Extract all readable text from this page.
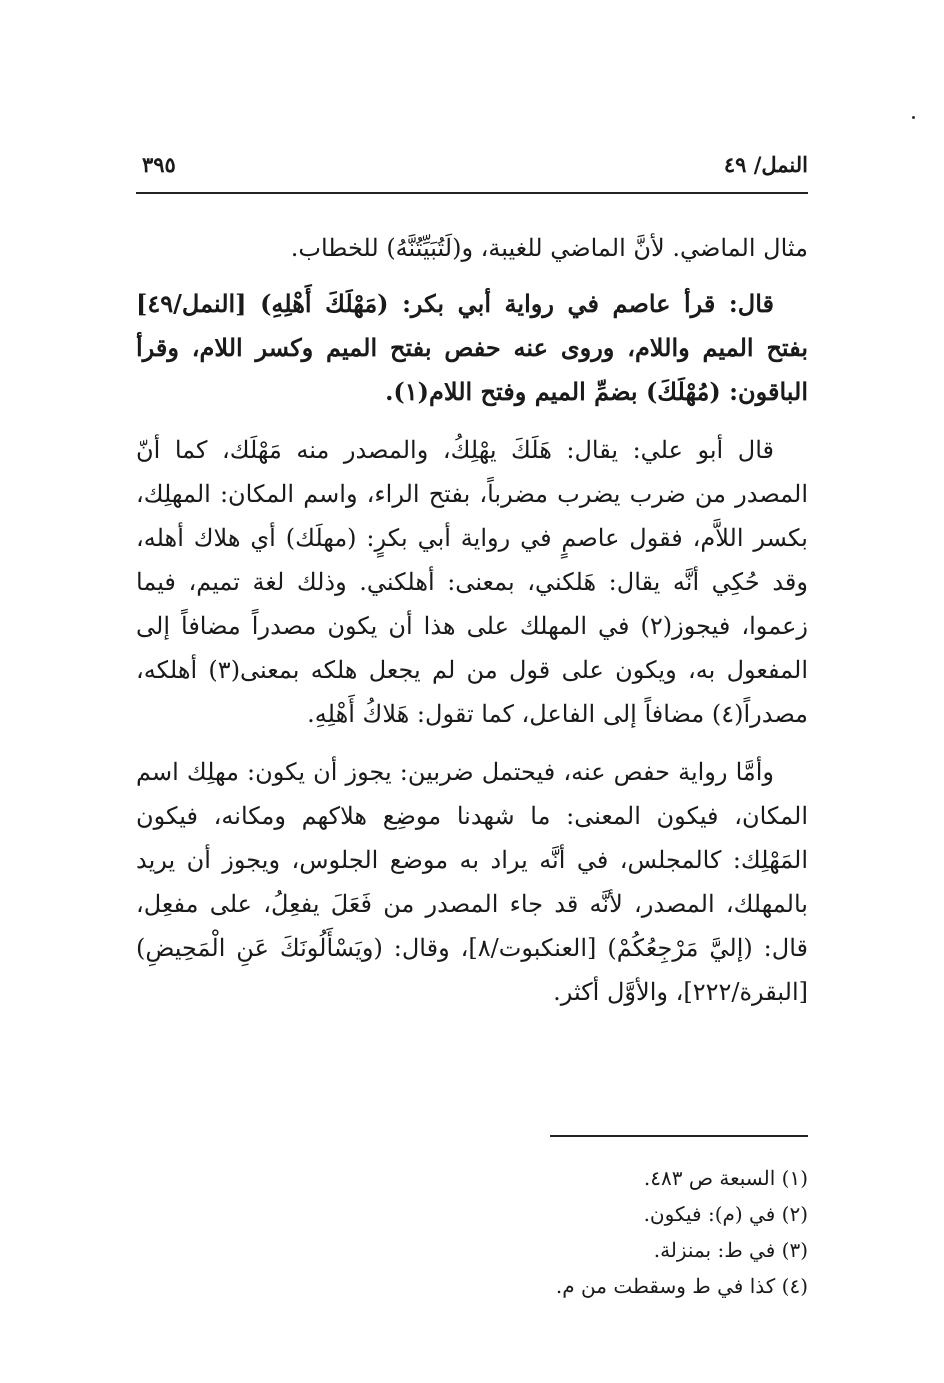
النمل/ ٤٩
٣٩٥

مثال الماضي. لأنَّ الماضي للغيبة، و(لَتُبَيِّتُنَّهُ) للخطاب.

قال: قرأ عاصم في رواية أبي بكر: (مَهْلَكَ أَهْلِهِ) [النمل/٤٩] بفتح الميم واللام، وروى عنه حفص بفتح الميم وكسر اللام، وقرأ الباقون: (مُهْلَكَ) بضمِّ الميم وفتح اللام(١).

قال أبو علي: يقال: هَلَكَ يهْلِكُ، والمصدر منه مَهْلَك، كما أنّ المصدر من ضرب يضرب مضرباً، بفتح الراء، واسم المكان: المهلِك، بكسر اللاَّم، فقول عاصمٍ في رواية أبي بكرٍ: (مهلَك) أي هلاك أهله، وقد حُكِي أنَّه يقال: هَلكني، بمعنى: أهلكني. وذلك لغة تميم، فيما زعموا، فيجوز(٢) في المهلك على هذا أن يكون مصدراً مضافاً إلى المفعول به، ويكون على قول من لم يجعل هلكه بمعنى(٣) أهلكه، مصدراً(٤) مضافاً إلى الفاعل، كما تقول: هَلاكُ أَهْلِهِ.

وأمَّا رواية حفص عنه، فيحتمل ضربين: يجوز أن يكون: مهلِك اسم المكان، فيكون المعنى: ما شهدنا موضِع هلاكهم ومكانه، فيكون المَهْلِك: كالمجلس، في أنَّه يراد به موضع الجلوس، ويجوز أن يريد بالمهلك، المصدر، لأنَّه قد جاء المصدر من فَعَلَ يفعِلُ، على مفعِل، قال: (إليَّ مَرْجِعُكُمْ) [العنكبوت/٨]، وقال: (ويَسْأَلُونَكَ عَنِ الْمَحِيضِ) [البقرة/٢٢٢]، والأوَّل أكثر.

(١) السبعة ص ٤٨٣.

(٢) في (م): فيكون.

(٣) في ط: بمنزلة.

(٤) كذا في ط وسقطت من م.
